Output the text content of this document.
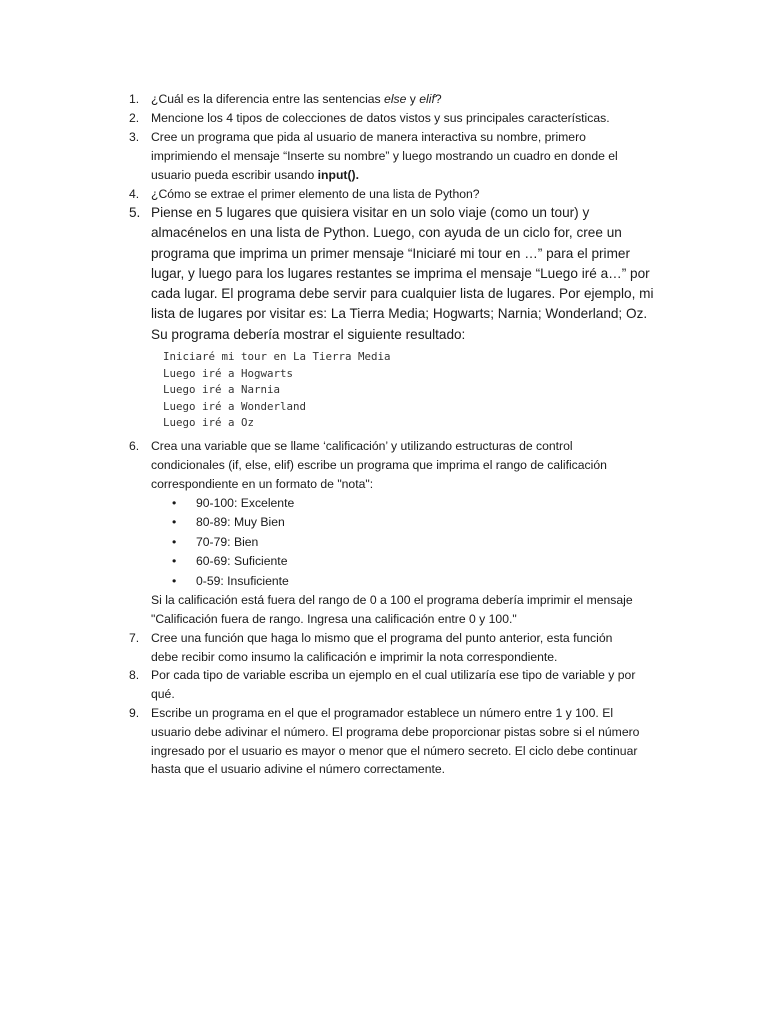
1. ¿Cuál es la diferencia entre las sentencias else y elif?
2. Mencione los 4 tipos de colecciones de datos vistos y sus principales características.
3. Cree un programa que pida al usuario de manera interactiva su nombre, primero
imprimiendo el mensaje “Inserte su nombre” y luego mostrando un cuadro en donde el
usuario pueda escribir usando input().
4. ¿Cómo se extrae el primer elemento de una lista de Python?
5. Piense en 5 lugares que quisiera visitar en un solo viaje (como un tour) y
almacénelos en una lista de Python. Luego, con ayuda de un ciclo for, cree un
programa que imprima un primer mensaje “Iniciaré mi tour en …” para el primer
lugar, y luego para los lugares restantes se imprima el mensaje “Luego iré a…” por
cada lugar. El programa debe servir para cualquier lista de lugares. Por ejemplo, mi
lista de lugares por visitar es: La Tierra Media; Hogwarts; Narnia; Wonderland; Oz.
Su programa debería mostrar el siguiente resultado:
Iniciaré mi tour en La Tierra Media
Luego iré a Hogwarts
Luego iré a Narnia
Luego iré a Wonderland
Luego iré a Oz
6. Crea una variable que se llame ‘calificación’ y utilizando estructuras de control
condicionales (if, else, elif) escribe un programa que imprima el rango de calificación
correspondiente en un formato de "nota":
• 90-100: Excelente
• 80-89: Muy Bien
• 70-79: Bien
• 60-69: Suficiente
• 0-59: Insuficiente
Si la calificación está fuera del rango de 0 a 100 el programa debería imprimir el mensaje
"Calificación fuera de rango. Ingresa una calificación entre 0 y 100."
7. Cree una función que haga lo mismo que el programa del punto anterior, esta función
debe recibir como insumo la calificación e imprimir la nota correspondiente.
8. Por cada tipo de variable escriba un ejemplo en el cual utilizaría ese tipo de variable y por
qué.
9. Escribe un programa en el que el programador establece un número entre 1 y 100. El
usuario debe adivinar el número. El programa debe proporcionar pistas sobre si el número
ingresado por el usuario es mayor o menor que el número secreto. El ciclo debe continuar
hasta que el usuario adivine el número correctamente.
